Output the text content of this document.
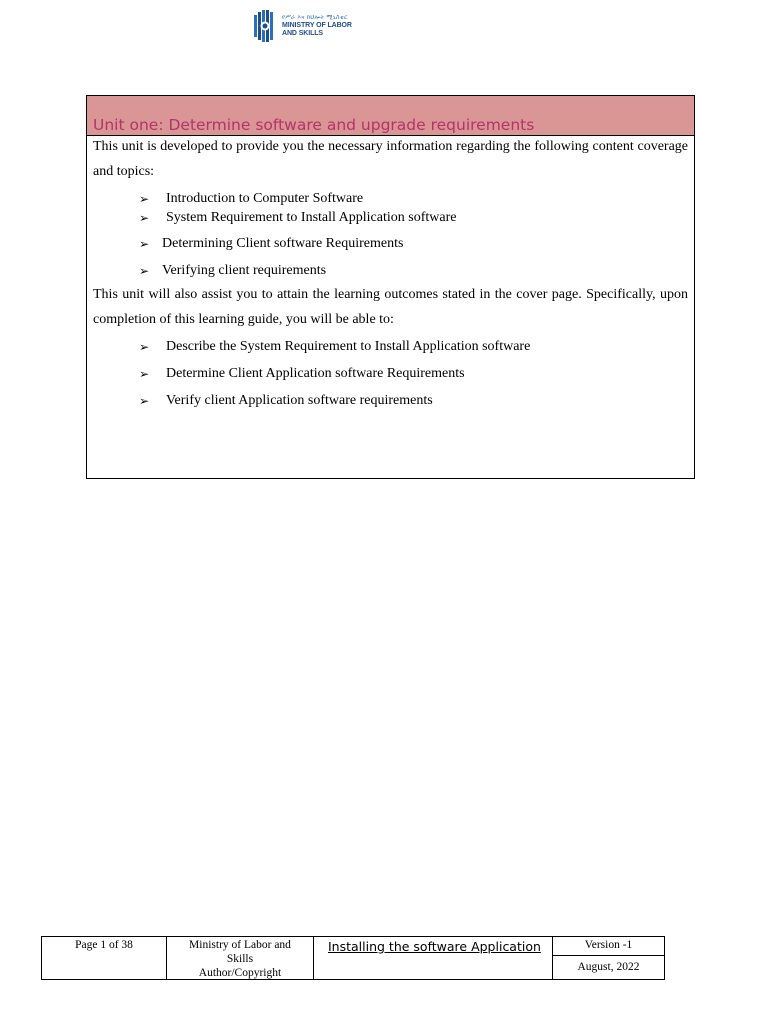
የሥራ እና ክህሎት ሚኒስቴር
MINISTRY OF LABOR
AND SKILLS
Unit one: Determine software and upgrade requirements

This unit is developed to provide you the necessary information regarding the following content coverage and topics:

➢ Introduction to Computer Software
➢ System Requirement to Install Application software
➢ Determining Client software Requirements
➢ Verifying client requirements

This unit will also assist you to attain the learning outcomes stated in the cover page. Specifically, upon completion of this learning guide, you will be able to:

➢ Describe the System Requirement to Install Application software
➢ Determine Client Application software Requirements
➢ Verify client Application software requirements
Page 1 of 38	Ministry of Labor and
Skills
Author/Copyright
Installing the software Application	Version -1
August, 2022
